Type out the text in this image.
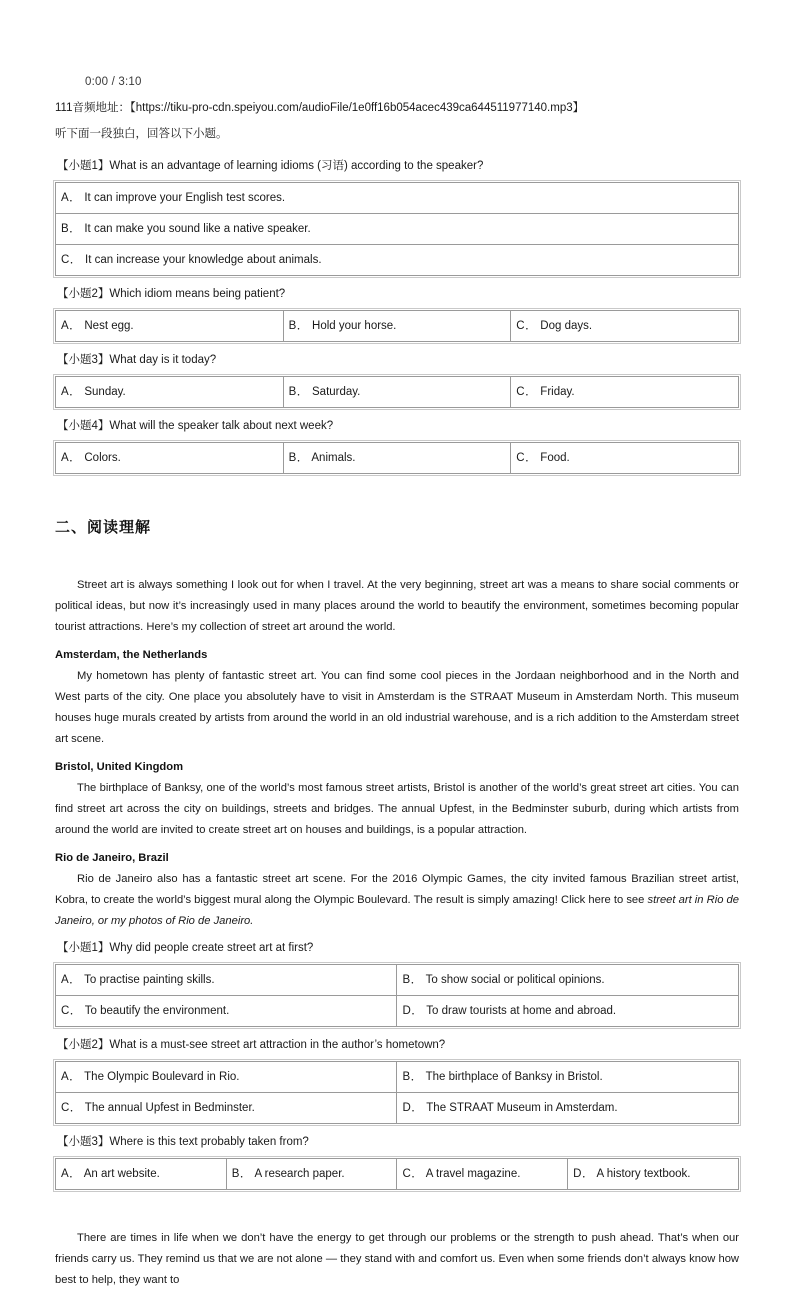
0:00 / 3:10
111音频地址：【https://tiku-pro-cdn.speiyou.com/audioFile/1e0ff16b054acec439ca644511977140.mp3】
听下面一段独白，回答以下小题。
【小题1】What is an advantage of learning idioms (习语) according to the speaker?
A． It can improve your English test scores.
B． It can make you sound like a native speaker.
C． It can increase your knowledge about animals.
【小题2】Which idiom means being patient?
A． Nest egg.	B． Hold your horse.	C． Dog days.
【小题3】What day is it today?
A． Sunday.	B． Saturday.	C． Friday.
【小题4】What will the speaker talk about next week?
A． Colors.	B． Animals.	C． Food.
二、阅读理解

Street art is always something I look out for when I travel. At the very beginning, street art was a means to share social comments or political ideas, but now it’s increasingly used in many places around the world to beautify the environment, sometimes becoming popular tourist attractions. Here’s my collection of street art around the world.

Amsterdam, the Netherlands

My hometown has plenty of fantastic street art. You can find some cool pieces in the Jordaan neighborhood and in the North and West parts of the city. One place you absolutely have to visit in Amsterdam is the STRAAT Museum in Amsterdam North. This museum houses huge murals created by artists from around the world in an old industrial warehouse, and is a rich addition to the Amsterdam street art scene.

Bristol, United Kingdom

The birthplace of Banksy, one of the world’s most famous street artists, Bristol is another of the world’s great street art cities. You can find street art across the city on buildings, streets and bridges. The annual Upfest, in the Bedminster suburb, during which artists from around the world are invited to create street art on houses and buildings, is a popular attraction.

Rio de Janeiro, Brazil

Rio de Janeiro also has a fantastic street art scene. For the 2016 Olympic Games, the city invited famous Brazilian street artist, Kobra, to create the world’s biggest mural along the Olympic Boulevard. The result is simply amazing! Click here to see street art in Rio de Janeiro, or my photos of Rio de Janeiro.

【小题1】Why did people create street art at first?
A． To practise painting skills.	B． To show social or political opinions.
C． To beautify the environment.	D． To draw tourists at home and abroad.
【小题2】What is a must-see street art attraction in the author’s hometown?
A． The Olympic Boulevard in Rio.	B． The birthplace of Banksy in Bristol.
C． The annual Upfest in Bedminster.	D． The STRAAT Museum in Amsterdam.
【小题3】Where is this text probably taken from?
A． An art website.	B． A research paper.	C． A travel magazine.	D． A history textbook.

There are times in life when we don’t have the energy to get through our problems or the strength to push ahead. That’s when our friends carry us. They remind us that we are not alone — they stand with and comfort us. Even when some friends don’t always know how best to help, they want to
